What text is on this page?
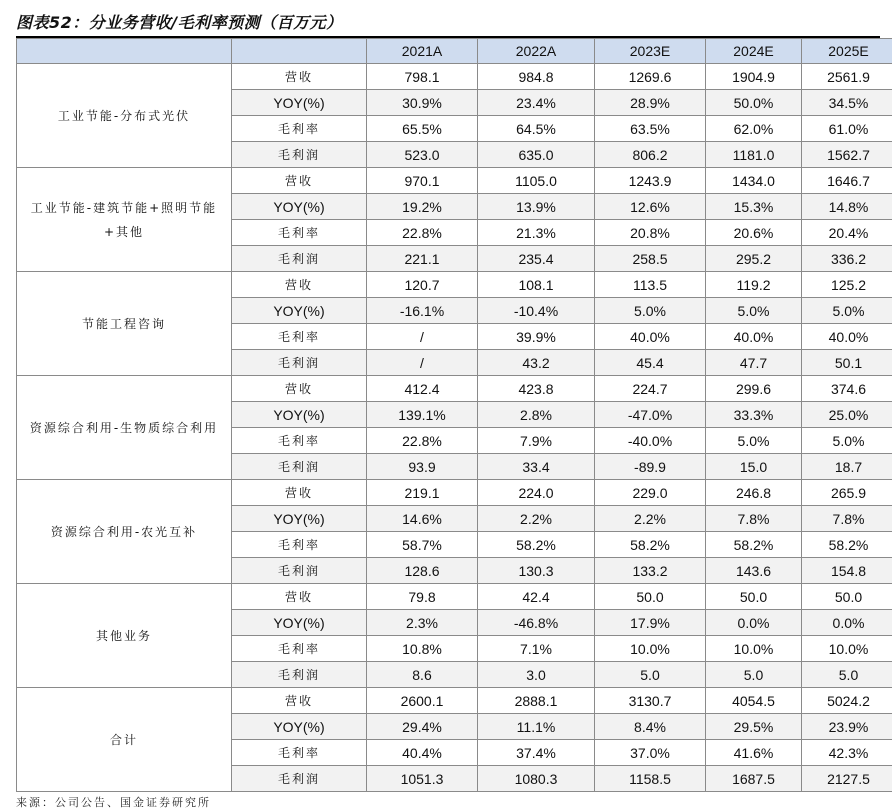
图表52：分业务营收/毛利率预测（百万元）
		2021A	2022A	2023E	2024E	2025E
工业节能-分布式光伏	营收	798.1	984.8	1269.6	1904.9	2561.9
	YOY(%)	30.9%	23.4%	28.9%	50.0%	34.5%
	毛利率	65.5%	64.5%	63.5%	62.0%	61.0%
	毛利润	523.0	635.0	806.2	1181.0	1562.7
工业节能-建筑节能+照明节能+其他	营收	970.1	1105.0	1243.9	1434.0	1646.7
	YOY(%)	19.2%	13.9%	12.6%	15.3%	14.8%
	毛利率	22.8%	21.3%	20.8%	20.6%	20.4%
	毛利润	221.1	235.4	258.5	295.2	336.2
节能工程咨询	营收	120.7	108.1	113.5	119.2	125.2
	YOY(%)	-16.1%	-10.4%	5.0%	5.0%	5.0%
	毛利率	/	39.9%	40.0%	40.0%	40.0%
	毛利润	/	43.2	45.4	47.7	50.1
资源综合利用-生物质综合利用	营收	412.4	423.8	224.7	299.6	374.6
	YOY(%)	139.1%	2.8%	-47.0%	33.3%	25.0%
	毛利率	22.8%	7.9%	-40.0%	5.0%	5.0%
	毛利润	93.9	33.4	-89.9	15.0	18.7
资源综合利用-农光互补	营收	219.1	224.0	229.0	246.8	265.9
	YOY(%)	14.6%	2.2%	2.2%	7.8%	7.8%
	毛利率	58.7%	58.2%	58.2%	58.2%	58.2%
	毛利润	128.6	130.3	133.2	143.6	154.8
其他业务	营收	79.8	42.4	50.0	50.0	50.0
	YOY(%)	2.3%	-46.8%	17.9%	0.0%	0.0%
	毛利率	10.8%	7.1%	10.0%	10.0%	10.0%
	毛利润	8.6	3.0	5.0	5.0	5.0
合计	营收	2600.1	2888.1	3130.7	4054.5	5024.2
	YOY(%)	29.4%	11.1%	8.4%	29.5%	23.9%
	毛利率	40.4%	37.4%	37.0%	41.6%	42.3%
	毛利润	1051.3	1080.3	1158.5	1687.5	2127.5
来源：公司公告、国金证券研究所
